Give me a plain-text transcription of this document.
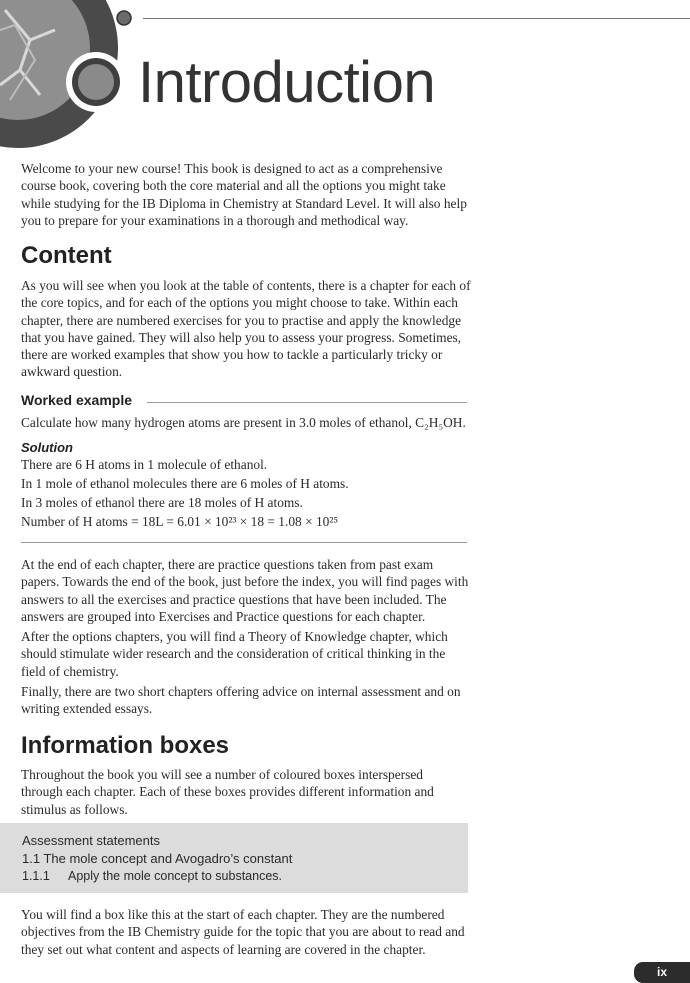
Introduction

Welcome to your new course! This book is designed to act as a comprehensive course book, covering both the core material and all the options you might take while studying for the IB Diploma in Chemistry at Standard Level. It will also help you to prepare for your examinations in a thorough and methodical way.

Content

As you will see when you look at the table of contents, there is a chapter for each of the core topics, and for each of the options you might choose to take. Within each chapter, there are numbered exercises for you to practise and apply the knowledge that you have gained. They will also help you to assess your progress. Sometimes, there are worked examples that show you how to tackle a particularly tricky or awkward question.

Worked example

Calculate how many hydrogen atoms are present in 3.0 moles of ethanol, C₂H₅OH.

Solution

There are 6 H atoms in 1 molecule of ethanol.

In 1 mole of ethanol molecules there are 6 moles of H atoms.

In 3 moles of ethanol there are 18 moles of H atoms.

Number of H atoms = 18L = 6.01 × 10²³ × 18 = 1.08 × 10²⁵

At the end of each chapter, there are practice questions taken from past exam papers. Towards the end of the book, just before the index, you will find pages with answers to all the exercises and practice questions that have been included. The answers are grouped into Exercises and Practice questions for each chapter.

After the options chapters, you will find a Theory of Knowledge chapter, which should stimulate wider research and the consideration of critical thinking in the field of chemistry.

Finally, there are two short chapters offering advice on internal assessment and on writing extended essays.

Information boxes

Throughout the book you will see a number of coloured boxes interspersed through each chapter. Each of these boxes provides different information and stimulus as follows.

Assessment statements
1.1 The mole concept and Avogadro’s constant
1.1.1 Apply the mole concept to substances.

You will find a box like this at the start of each chapter. They are the numbered objectives from the IB Chemistry guide for the topic that you are about to read and they set out what content and aspects of learning are covered in the chapter.

ix
